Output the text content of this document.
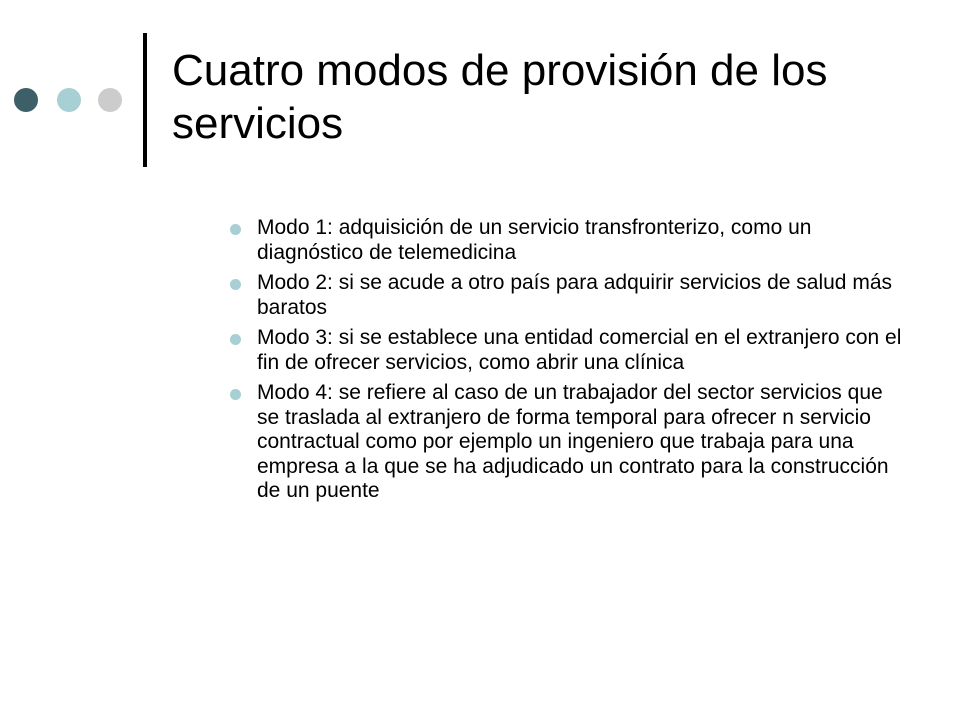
Cuatro modos de provisión de los servicios
Modo 1: adquisición de un servicio transfronterizo, como un diagnóstico de telemedicina
Modo 2: si se acude a otro país para adquirir servicios de salud más baratos
Modo 3: si se establece una entidad comercial en el extranjero con el fin de ofrecer servicios, como abrir una clínica
Modo 4: se refiere al caso de un trabajador del sector servicios que se traslada al extranjero de forma temporal para ofrecer n servicio contractual como por ejemplo un ingeniero que trabaja para una empresa a la que se ha adjudicado un contrato para la construcción de un puente
